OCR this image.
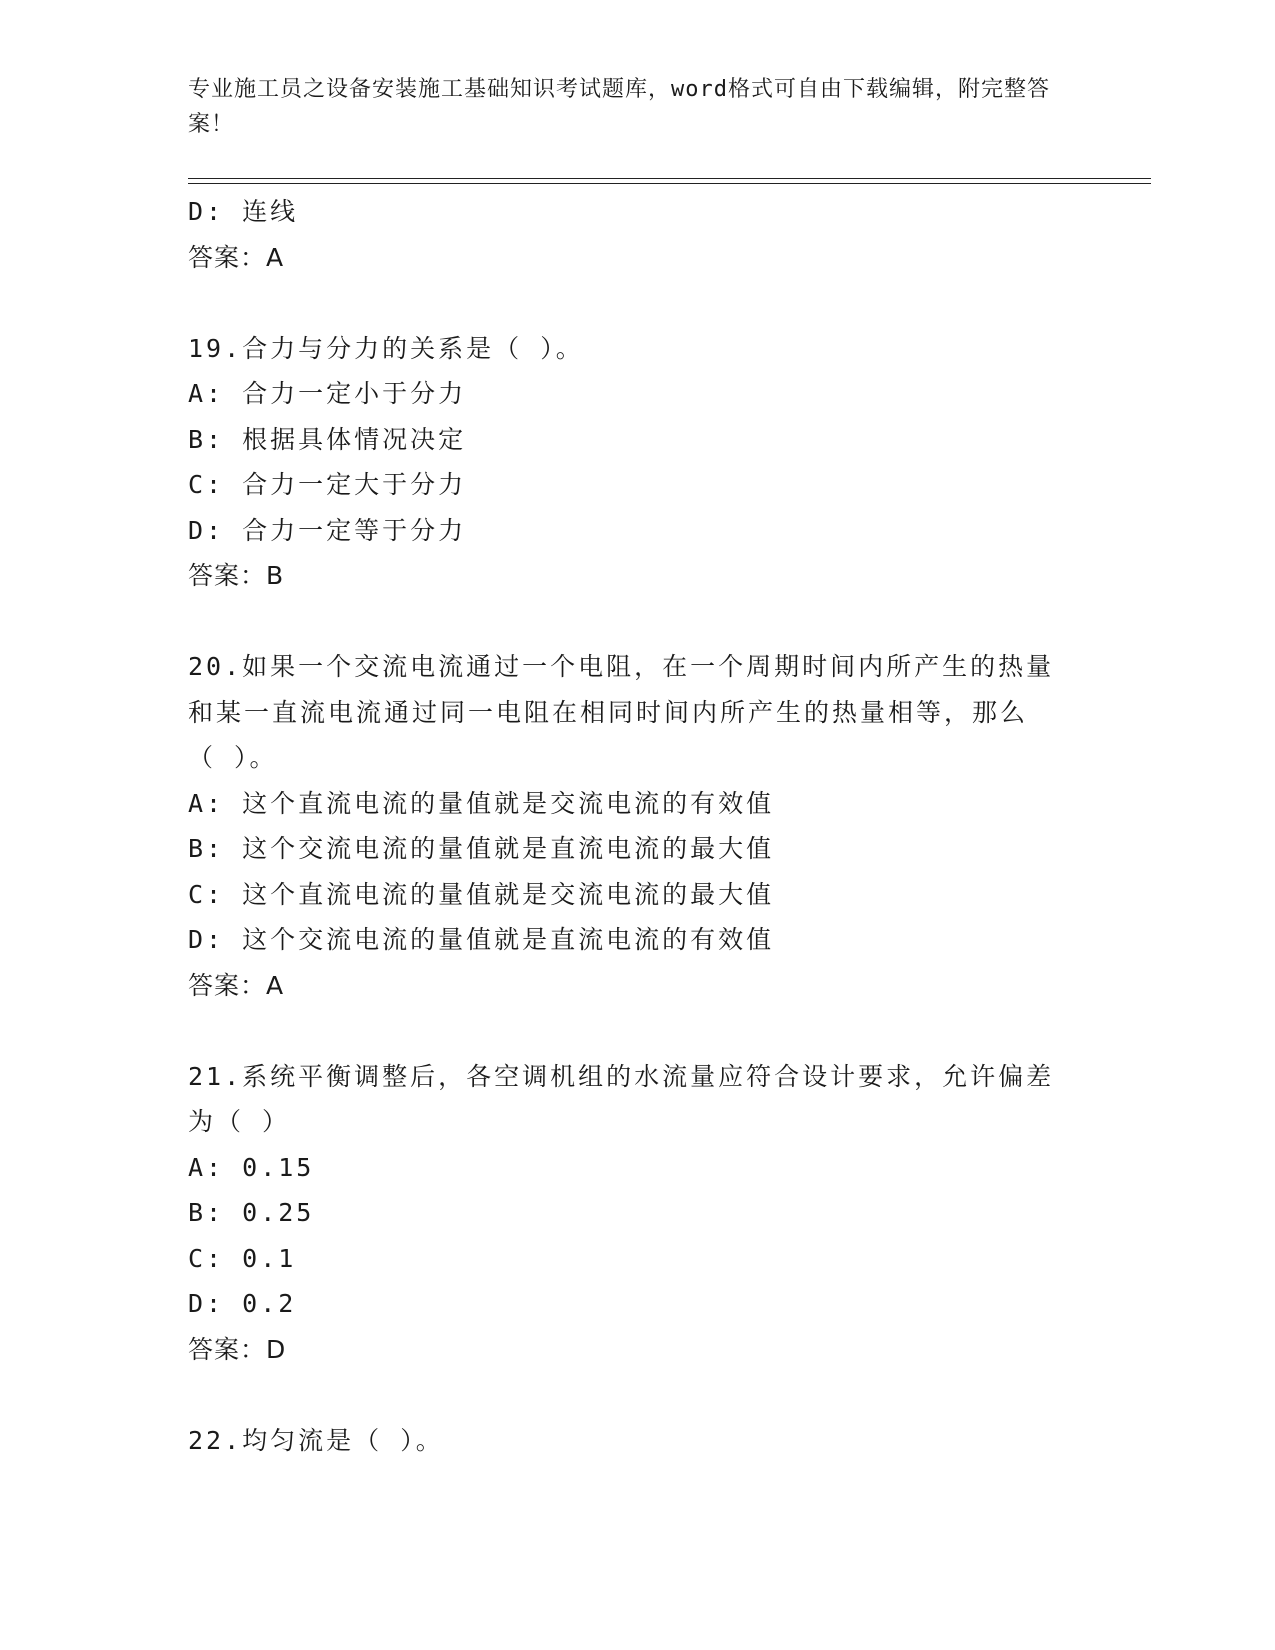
专业施工员之设备安装施工基础知识考试题库，word格式可自由下载编辑，附完整答案！
D: 连线
答案：A
19.合力与分力的关系是（ ）。
A: 合力一定小于分力
B: 根据具体情况决定
C: 合力一定大于分力
D: 合力一定等于分力
答案：B
20.如果一个交流电流通过一个电阻，在一个周期时间内所产生的热量
和某一直流电流通过同一电阻在相同时间内所产生的热量相等，那么
（ ）。
A: 这个直流电流的量值就是交流电流的有效值
B: 这个交流电流的量值就是直流电流的最大值
C: 这个直流电流的量值就是交流电流的最大值
D: 这个交流电流的量值就是直流电流的有效值
答案：A
21.系统平衡调整后，各空调机组的水流量应符合设计要求，允许偏差
为（ ）
A: 0.15
B: 0.25
C: 0.1
D: 0.2
答案：D
22.均匀流是（ ）。
